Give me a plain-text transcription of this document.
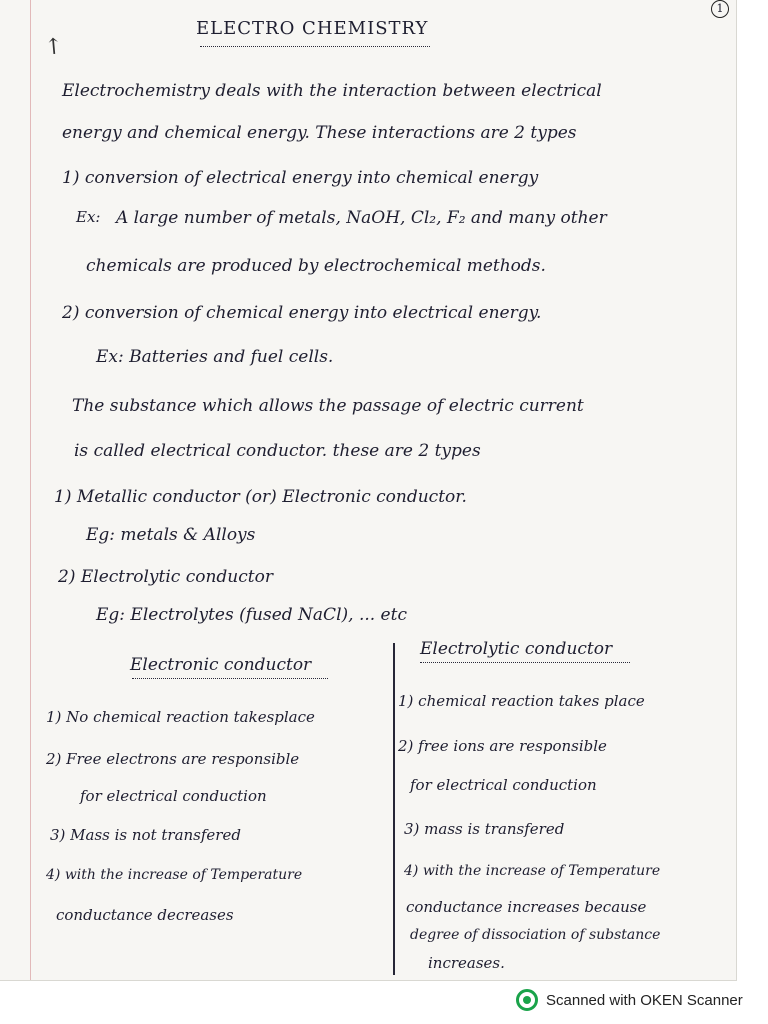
1
↖
ELECTRO CHEMISTRY
Electrochemistry deals with the interaction between electrical
energy and chemical energy. These interactions are 2 types
1) conversion of electrical energy into chemical energy
Ex: A large number of metals, NaOH, Cl₂, F₂ and many other
chemicals are produced by electrochemical methods.
2) conversion of chemical energy into electrical energy.
Ex: Batteries and fuel cells.
The substance which allows the passage of electric current
is called electrical conductor. these are 2 types
1) Metallic conductor (or) Electronic conductor.
Eg: metals & Alloys
2) Electrolytic conductor
Eg: Electrolytes (fused NaCl), ... etc
Electronic conductor
Electrolytic conductor
1) No chemical reaction takesplace
2) Free electrons are responsible
for electrical conduction
3) Mass is not transfered
4) with the increase of Temperature
conductance decreases
1) chemical reaction takes place
2) free ions are responsible
for electrical conduction
3) mass is transfered
4) with the increase of Temperature
conductance increases because
degree of dissociation of substance
increases.
Scanned with OKEN Scanner
